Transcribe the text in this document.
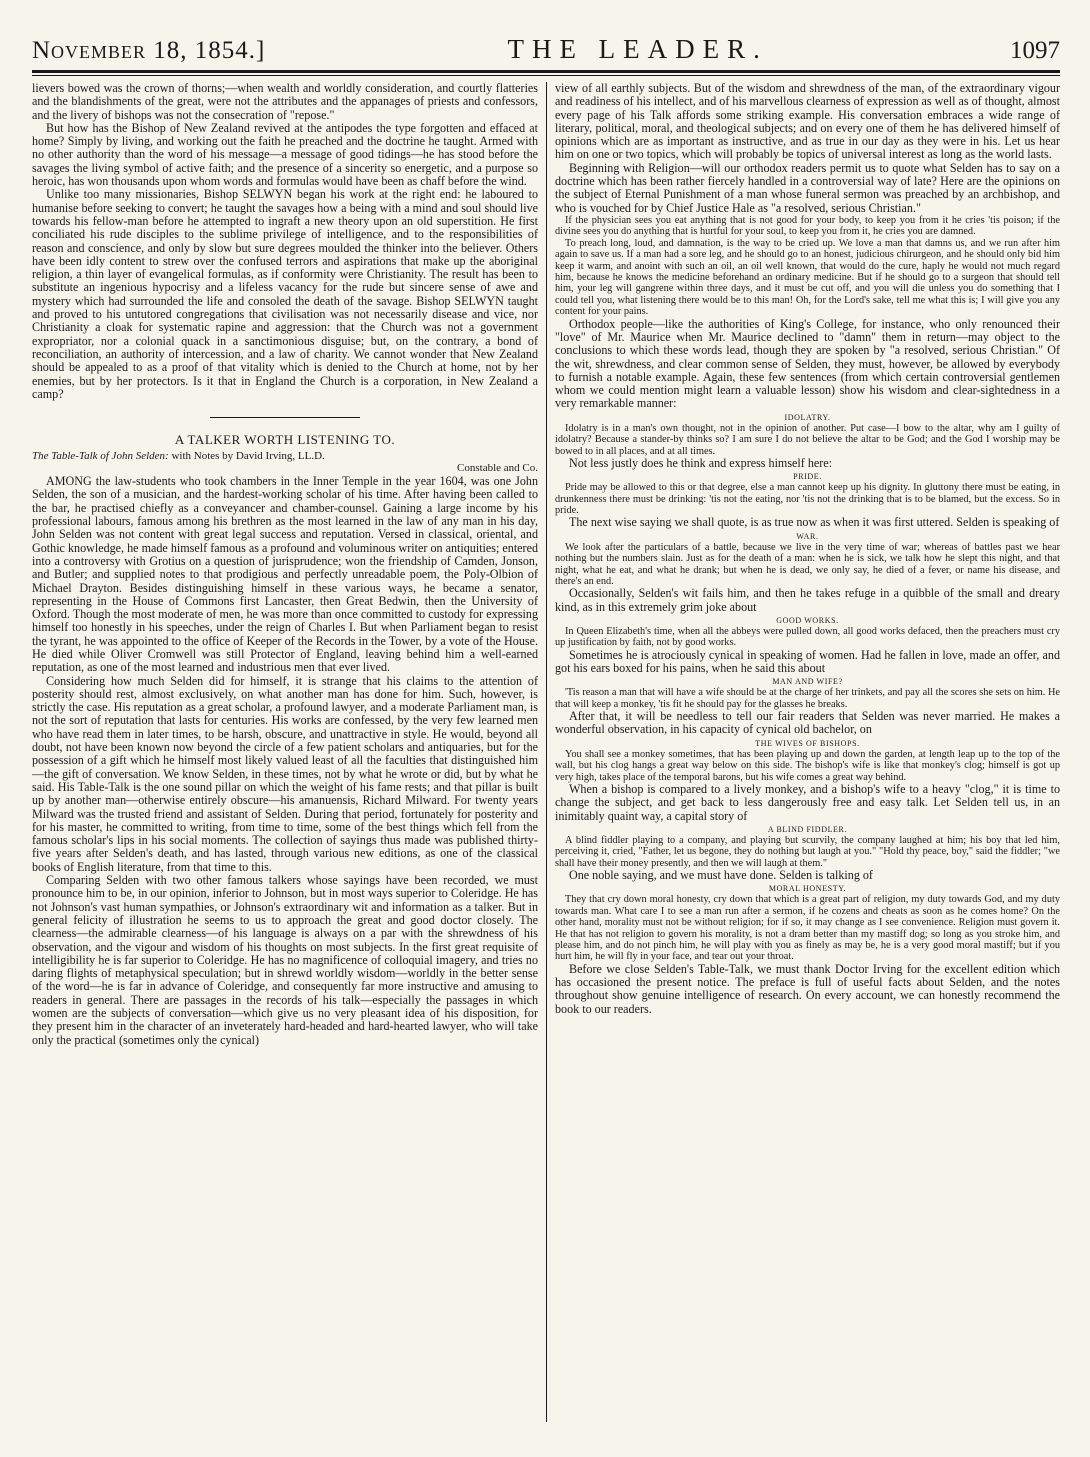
November 18, 1854.]	THE LEADER.	1097

lievers bowed was the crown of thorns;—when wealth and worldly consideration, and courtly flatteries and the blandishments of the great, were not the attributes and the appanages of priests and confessors, and the livery of bishops was not the consecration of "repose."

But how has the Bishop of New Zealand revived at the antipodes the type forgotten and effaced at home? Simply by living, and working out the faith he preached and the doctrine he taught. Armed with no other authority than the word of his message—a message of good tidings—he has stood before the savages the living symbol of active faith; and the presence of a sincerity so energetic, and a purpose so heroic, has won thousands upon whom words and formulas would have been as chaff before the wind.

Unlike too many missionaries, Bishop SELWYN began his work at the right end: he laboured to humanise before seeking to convert; he taught the savages how a being with a mind and soul should live towards his fellow-man before he attempted to ingraft a new theory upon an old superstition. He first conciliated his rude disciples to the sublime privilege of intelligence, and to the responsibilities of reason and conscience, and only by slow but sure degrees moulded the thinker into the believer. Others have been idly content to strew over the confused terrors and aspirations that make up the aboriginal religion, a thin layer of evangelical formulas, as if conformity were Christianity. The result has been to substitute an ingenious hypocrisy and a lifeless vacancy for the rude but sincere sense of awe and mystery which had surrounded the life and consoled the death of the savage. Bishop SELWYN taught and proved to his untutored congregations that civilisation was not necessarily disease and vice, nor Christianity a cloak for systematic rapine and aggression: that the Church was not a government expropriator, nor a colonial quack in a sanctimonious disguise; but, on the contrary, a bond of reconciliation, an authority of intercession, and a law of charity. We cannot wonder that New Zealand should be appealed to as a proof of that vitality which is denied to the Church at home, not by her enemies, but by her protectors. Is it that in England the Church is a corporation, in New Zealand a camp?

A TALKER WORTH LISTENING TO.
The Table-Talk of John Selden: with Notes by David Irving, LL.D.
Constable and Co.

AMONG the law-students who took chambers in the Inner Temple in the year 1604, was one John Selden, the son of a musician, and the hardest-working scholar of his time. After having been called to the bar, he practised chiefly as a conveyancer and chamber-counsel. Gaining a large income by his professional labours, famous among his brethren as the most learned in the law of any man in his day, John Selden was not content with great legal success and reputation. Versed in classical, oriental, and Gothic knowledge, he made himself famous as a profound and voluminous writer on antiquities; entered into a controversy with Grotius on a question of jurisprudence; won the friendship of Camden, Jonson, and Butler; and supplied notes to that prodigious and perfectly unreadable poem, the Poly-Olbion of Michael Drayton. Besides distinguishing himself in these various ways, he became a senator, representing in the House of Commons first Lancaster, then Great Bedwin, then the University of Oxford. Though the most moderate of men, he was more than once committed to custody for expressing himself too honestly in his speeches, under the reign of Charles I. But when Parliament began to resist the tyrant, he was appointed to the office of Keeper of the Records in the Tower, by a vote of the House. He died while Oliver Cromwell was still Protector of England, leaving behind him a well-earned reputation, as one of the most learned and industrious men that ever lived.

Considering how much Selden did for himself, it is strange that his claims to the attention of posterity should rest, almost exclusively, on what another man has done for him. Such, however, is strictly the case. His reputation as a great scholar, a profound lawyer, and a moderate Parliament man, is not the sort of reputation that lasts for centuries. His works are confessed, by the very few learned men who have read them in later times, to be harsh, obscure, and unattractive in style. He would, beyond all doubt, not have been known now beyond the circle of a few patient scholars and antiquaries, but for the possession of a gift which he himself most likely valued least of all the faculties that distinguished him—the gift of conversation. We know Selden, in these times, not by what he wrote or did, but by what he said. His Table-Talk is the one sound pillar on which the weight of his fame rests; and that pillar is built up by another man—otherwise entirely obscure—his amanuensis, Richard Milward. For twenty years Milward was the trusted friend and assistant of Selden. During that period, fortunately for posterity and for his master, he committed to writing, from time to time, some of the best things which fell from the famous scholar's lips in his social moments. The collection of sayings thus made was published thirty-five years after Selden's death, and has lasted, through various new editions, as one of the classical books of English literature, from that time to this.

Comparing Selden with two other famous talkers whose sayings have been recorded, we must pronounce him to be, in our opinion, inferior to Johnson, but in most ways superior to Coleridge. He has not Johnson's vast human sympathies, or Johnson's extraordinary wit and information as a talker. But in general felicity of illustration he seems to us to approach the great and good doctor closely. The clearness—the admirable clearness—of his language is always on a par with the shrewdness of his observation, and the vigour and wisdom of his thoughts on most subjects. In the first great requisite of intelligibility he is far superior to Coleridge. He has no magnificence of colloquial imagery, and tries no daring flights of metaphysical speculation; but in shrewd worldly wisdom—worldly in the better sense of the word—he is far in advance of Coleridge, and consequently far more instructive and amusing to readers in general. There are passages in the records of his talk—especially the passages in which women are the subjects of conversation—which give us no very pleasant idea of his disposition, for they present him in the character of an inveterately hard-headed and hard-hearted lawyer, who will take only the practical (sometimes only the cynical)

view of all earthly subjects. But of the wisdom and shrewdness of the man, of the extraordinary vigour and readiness of his intellect, and of his marvellous clearness of expression as well as of thought, almost every page of his Talk affords some striking example. His conversation embraces a wide range of literary, political, moral, and theological subjects; and on every one of them he has delivered himself of opinions which are as important as instructive, and as true in our day as they were in his. Let us hear him on one or two topics, which will probably be topics of universal interest as long as the world lasts.

Beginning with Religion—will our orthodox readers permit us to quote what Selden has to say on a doctrine which has been rather fiercely handled in a controversial way of late? Here are the opinions on the subject of Eternal Punishment of a man whose funeral sermon was preached by an archbishop, and who is vouched for by Chief Justice Hale as "a resolved, serious Christian."

If the physician sees you eat anything that is not good for your body, to keep you from it he cries 'tis poison; if the divine sees you do anything that is hurtful for your soul, to keep you from it, he cries you are damned.

To preach long, loud, and damnation, is the way to be cried up. We love a man that damns us, and we run after him again to save us. If a man had a sore leg, and he should go to an honest, judicious chirurgeon, and he should only bid him keep it warm, and anoint with such an oil, an oil well known, that would do the cure, haply he would not much regard him, because he knows the medicine beforehand an ordinary medicine. But if he should go to a surgeon that should tell him, your leg will gangrene within three days, and it must be cut off, and you will die unless you do something that I could tell you, what listening there would be to this man! Oh, for the Lord's sake, tell me what this is; I will give you any content for your pains.

Orthodox people—like the authorities of King's College, for instance, who only renounced their "love" of Mr. Maurice when Mr. Maurice declined to "damn" them in return—may object to the conclusions to which these words lead, though they are spoken by "a resolved, serious Christian." Of the wit, shrewdness, and clear common sense of Selden, they must, however, be allowed by everybody to furnish a notable example. Again, these few sentences (from which certain controversial gentlemen whom we could mention might learn a valuable lesson) show his wisdom and clear-sightedness in a very remarkable manner:

IDOLATRY.

Idolatry is in a man's own thought, not in the opinion of another. Put case—I bow to the altar, why am I guilty of idolatry? Because a stander-by thinks so? I am sure I do not believe the altar to be God; and the God I worship may be bowed to in all places, and at all times.

Not less justly does he think and express himself here:

PRIDE.

Pride may be allowed to this or that degree, else a man cannot keep up his dignity. In gluttony there must be eating, in drunkenness there must be drinking: 'tis not the eating, nor 'tis not the drinking that is to be blamed, but the excess. So in pride.

The next wise saying we shall quote, is as true now as when it was first uttered. Selden is speaking of

WAR.

We look after the particulars of a battle, because we live in the very time of war; whereas of battles past we hear nothing but the numbers slain. Just as for the death of a man: when he is sick, we talk how he slept this night, and that night, what he eat, and what he drank; but when he is dead, we only say, he died of a fever, or name his disease, and there's an end.

Occasionally, Selden's wit fails him, and then he takes refuge in a quibble of the small and dreary kind, as in this extremely grim joke about

GOOD WORKS.

In Queen Elizabeth's time, when all the abbeys were pulled down, all good works defaced, then the preachers must cry up justification by faith, not by good works.

Sometimes he is atrociously cynical in speaking of women. Had he fallen in love, made an offer, and got his ears boxed for his pains, when he said this about

MAN AND WIFE?

'Tis reason a man that will have a wife should be at the charge of her trinkets, and pay all the scores she sets on him. He that will keep a monkey, 'tis fit he should pay for the glasses he breaks.

After that, it will be needless to tell our fair readers that Selden was never married. He makes a wonderful observation, in his capacity of cynical old bachelor, on

THE WIVES OF BISHOPS.

You shall see a monkey sometimes, that has been playing up and down the garden, at length leap up to the top of the wall, but his clog hangs a great way below on this side. The bishop's wife is like that monkey's clog; himself is got up very high, takes place of the temporal barons, but his wife comes a great way behind.

When a bishop is compared to a lively monkey, and a bishop's wife to a heavy "clog," it is time to change the subject, and get back to less dangerously free and easy talk. Let Selden tell us, in an inimitably quaint way, a capital story of

A BLIND FIDDLER.

A blind fiddler playing to a company, and playing but scurvily, the company laughed at him; his boy that led him, perceiving it, cried, "Father, let us begone, they do nothing but laugh at you." "Hold thy peace, boy," said the fiddler; "we shall have their money presently, and then we will laugh at them."

One noble saying, and we must have done. Selden is talking of

MORAL HONESTY.

They that cry down moral honesty, cry down that which is a great part of religion, my duty towards God, and my duty towards man. What care I to see a man run after a sermon, if he cozens and cheats as soon as he comes home? On the other hand, morality must not be without religion; for if so, it may change as I see convenience. Religion must govern it. He that has not religion to govern his morality, is not a dram better than my mastiff dog; so long as you stroke him, and please him, and do not pinch him, he will play with you as finely as may be, he is a very good moral mastiff; but if you hurt him, he will fly in your face, and tear out your throat.

Before we close Selden's Table-Talk, we must thank Doctor Irving for the excellent edition which has occasioned the present notice. The preface is full of useful facts about Selden, and the notes throughout show genuine intelligence of research. On every account, we can honestly recommend the book to our readers.
